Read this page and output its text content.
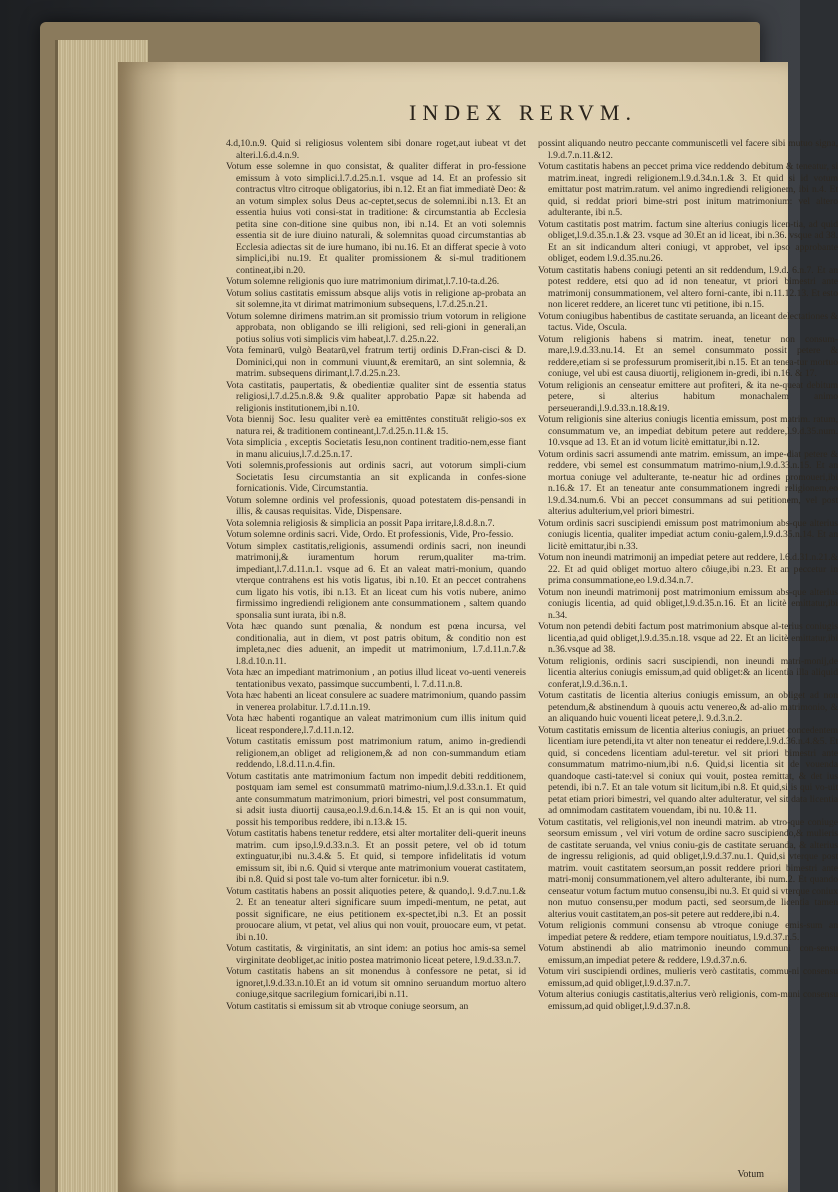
INDEX RERVM.

4.d,10.n.9. Quid si religiosus volentem sibi donare roget,aut iubeat vt det alteri.l.6.d.4.n.9.

Votum esse solemne in quo consistat, & qualiter differat in pro-fessione emissum à voto simplici.l.7.d.25.n.1. vsque ad 14. Et an professio sit contractus vltro citroque obligatorius, ibi n.12. Et an fiat immediatè Deo: & an votum simplex solus Deus ac-ceptet,secus de solemni.ibi n.13. Et an essentia huius voti consi-stat in traditione: & circumstantia ab Ecclesia petita sine con-ditione sine quibus non, ibi n.14. Et an voti solemnis essentia sit de iure diuino naturali, & solemnitas quoad circumstantias ab Ecclesia adiectas sit de iure humano, ibi nu.16. Et an differat specie à voto simplici,ibi nu.19. Et qualiter promissionem & si-mul traditionem contineat,ibi n.20.

Votum solemne religionis quo iure matrimonium dirimat,l.7.10-ta.d.26.

Votum solius castitatis emissum absque alijs votis in religione ap-probata an sit solemne,ita vt dirimat matrimonium subsequens, l.7.d.25.n.21.

Votum solemne dirimens matrim.an sit promissio trium votorum in religione approbata, non obligando se illi religioni, sed reli-gioni in generali,an potius solius voti simplicis vim habeat,l.7. d.25.n.22.

Vota feminarū, vulgò Beatarū,vel fratrum tertij ordinis D.Fran-cisci & D. Dominici,qui non in communi viuunt,& eremitarū, an sint solemnia, & matrim. subsequens dirimant,l.7.d.25.n.23.

Vota castitatis, paupertatis, & obedientiæ qualiter sint de essentia status religiosi,l.7.d.25.n.8.& 9.& qualiter approbatio Papæ sit habenda ad religionis institutionem,ibi n.10.

Vota biennij Soc. Iesu qualiter verè ea emittēntes constituāt religio-sos ex natura rei, & traditionem contineant,l.7.d.25.n.11.& 15.

Vota simplicia , exceptis Societatis Iesu,non continent traditio-nem,esse fiant in manu alicuius,l.7.d.25.n.17.

Voti solemnis,professionis aut ordinis sacri, aut votorum simpli-cium Societatis Iesu circumstantia an sit explicanda in confes-sione fornicationis. Vide, Circumstantia.

Votum solemne ordinis vel professionis, quoad potestatem dis-pensandi in illis, & causas requisitas. Vide, Dispensare.

Vota solemnia religiosis & simplicia an possit Papa irritare,l.8.d.8.n.7.

Votum solemne ordinis sacri. Vide, Ordo. Et professionis, Vide, Pro-fessio.

Votum simplex castitatis,religionis, assumendi ordinis sacri, non ineundi matrimonij,& iuramentum horum rerum,qualiter ma-trim. impediant,l.7.d.11.n.1. vsque ad 6. Et an valeat matri-monium, quando vterque contrahens est his votis ligatus, ibi n.10. Et an peccet contrahens cum ligato his votis, ibi n.13. Et an liceat cum his votis nubere, animo firmissimo ingrediendi religionem ante consummationem , saltem quando sponsalia sunt iurata, ibi n.8.

Vota hæc quando sunt pœnalia, & nondum est pœna incursa, vel conditionalia, aut in diem, vt post patris obitum, & conditio non est impleta,nec dies aduenit, an impedit ut matrimonium, l.7.d.11.n.7.& l.8.d.10.n.11.

Vota hæc an impediant matrimonium , an potius illud liceat vo-uenti venereis tentationibus vexato, passimque succumbenti, l. 7.d.11.n.8.

Vota hæc habenti an liceat consulere ac suadere matrimonium, quando passim in venerea prolabitur. l.7.d.11.n.19.

Vota hæc habenti rogantique an valeat matrimonium cum illis initum quid liceat respondere,l.7.d.11.n.12.

Votum castitatis emissum post matrimonium ratum, animo in-grediendi religionem,an obliget ad religionem,& ad non con-summandum etiam reddendo, l.8.d.11.n.4.fin.

Votum castitatis ante matrimonium factum non impedit debiti redditionem, postquam iam semel est consummatū matrimo-nium,l.9.d.33.n.1. Et quid ante consummatum matrimonium, priori bimestri, vel post consummatum, si adsit iusta diuortij causa,eo.l.9.d.6.n.14.& 15. Et an is qui non vouit, possit his temporibus reddere, ibi n.13.& 15.

Votum castitatis habens tenetur reddere, etsi alter mortaliter deli-querit ineuns matrim. cum ipso,l.9.d.33.n.3. Et an possit petere, vel ob id totum extinguatur,ibi nu.3.4.& 5. Et quid, si tempore infidelitatis id votum emissum sit, ibi n.6. Quid si vterque ante matrimonium vouerat castitatem, ibi n.8. Quid si post tale vo-tum alter fornicetur. ibi n.9.

Votum castitatis habens an possit aliquoties petere, & quando,l. 9.d.7.nu.1.& 2. Et an teneatur alteri significare suum impedi-mentum, ne petat, aut possit significare, ne eius petitionem ex-spectet,ibi n.3. Et an possit prouocare alium, vt petat, vel alius qui non vouit, prouocare eum, vt petat. ibi n.10.

Votum castitatis, & virginitatis, an sint idem: an potius hoc amis-sa semel virginitate deobliget,ac initio postea matrimonio liceat petere, l.9.d.33.n.7.

Votum castitatis habens an sit monendus à confessore ne petat, si id ignoret,l.9.d.33.n.10.Et an id votum sit omnino seruandum mortuo altero coniuge,sitque sacrilegium fornicari,ibi n.11.

Votum castitatis si emissum sit ab vtroque coniuge seorsum, an

possint aliquando neutro peccante communiscetli vel facere sibi mutuo signa, l.9.d.7.n.11.&12.

Votum castitatis habens an peccet prima vice reddendo debitum & teneatur, si matrim.ineat, ingredi religionem.l.9.d.34.n.1.& 3. Et quid si id votum emittatur post matrim.ratum. vel animo ingrediendi religionem, ibi n.4. Et quid, si reddat priori bime-stri post initum matrimonium: vel altero adulterante, ibi n.5.

Votum castitatis post matrim. factum sine alterius coniugis licen-tia, ad quid obliget,l.9.d.35.n.1.& 23. vsque ad 30.Et an id liceat, ibi n.36. vsque ad 38. Et an sit indicandum alteri coniugi, vt approbet, vel ipso approbante obliget, eodem l.9.d.35.nu.26.

Votum castitatis habens coniugi petenti an sit reddendum, l.9.d. 6.n.7. Et an potest reddere, etsi quo ad id non teneatur, vt priori bimestri ante matrimonij consummationem, vel altero forni-cante, ibi n.11.12.13. Et esto non liceret reddere, an liceret tunc vti petitione, ibi n.15.

Votum coniugibus habentibus de castitate seruanda, an liceant delectationes & tactus. Vide, Oscula.

Votum religionis habens si matrim. ineat, tenetur non consum-mare,l.9.d.33.nu.14. Et an semel consummato possit petere & reddere,etiam si se professurum promiserit,ibi n.15. Et an tenea-tur mortuo coniuge, vel ubi est causa diuortij, religionem in-gredi, ibi n.16. & 17.

Votum religionis an censeatur emittere aut profiteri, & ita ne-queat debitum petere, si alterius habitum monachalem animo perseuerandi,l.9.d.33.n.18.&19.

Votum religionis sine alterius coniugis licentia emissum, post matrim. ratum, consummatum ve, an impediat debitum petere aut reddere,l.9.d.35.num. 10.vsque ad 13. Et an id votum licitè emittatur,ibi n.12.

Votum ordinis sacri assumendi ante matrim. emissum, an impe-diat petere & reddere, vbi semel est consummatum matrimo-nium,l.9.d.33.n.15. Et an mortua coniuge vel adulterante, te-neatur hic ad ordines promoueri,ibi n.16.& 17. Et an teneatur ante consummationem ingredi religionem,eo l.9.d.34.num.6. Vbi an peccet consummans ad sui petitionem, vel post alterius adulterium,vel priori bimestri.

Votum ordinis sacri suscipiendi emissum post matrimonium abs-que alterius coniugis licentia, qualiter impediat actum coniu-galem,l.9.d.35.n.14. Et an licitè emittatur,ibi n.33.

Votum non ineundi matrimonij an impediat petere aut reddere, l.6.d.31.n.21.& 22. Et ad quid obliget mortuo altero côiuge,ibi n.23. Et an peccetur in prima consummatione,eo l.9.d.34.n.7.

Votum non ineundi matrimonij post matrimonium emissum abs-que alterius coniugis licentia, ad quid obliget,l.9.d.35.n.16. Et an licitè emittatur,ibi n.34.

Votum non petendi debiti factum post matrimonium absque al-terius coniugis licentia,ad quid obliget,l.9.d.35.n.18. vsque ad 22. Et an licitè emittatur,ibi n.36.vsque ad 38.

Votum religionis, ordinis sacri suscipiendi, non ineundi matri-monij,de licentia alterius coniugis emissum,ad quid obliget:& an licentia illa aliquid conferat,l.9.d.36.n.1.

Votum castitatis de licentia alterius coniugis emissum, an obliget ad non petendum,& abstinendum à quouis actu venereo,& ad-alio matrimonio, & an aliquando huic vouenti liceat petere,l. 9.d.3.n.2.

Votum castitatis emissum de licentia alterius coniugis, an priuet concedentem licentiam iure petendi,ita vt alter non teneatur ei reddere,l.9.d.36.n.4.&5. Et quid, si concedens licentiam adul-teretur. vel sit priori bimestri ante consummatum matrimo-nium,ibi n.6. Quid,si licentia sit de vouenda quandoque casti-tate:vel si coniux qui vouit, postea remittat, & det ius petendi, ibi n.7. Et an tale votum sit licitum,ibi n.8. Et quid,si is qui vo-uit petat etiam priori bimestri, vel quando alter adulteratur, vel sit data licentia ad omnimodam castitatem vouendam, ibi nu. 10.& 11.

Votum castitatis, vel religionis,vel non ineundi matrim. ab vtro-que coniuge seorsum emissum , vel viri votum de ordine sacro suscipiendo,& mulieris de castitate seruanda, vel vnius coniu-gis de castitate seruanda, & alterius de ingressu religionis, ad quid obliget,l.9.d.37.nu.1. Quid,si vterque post matrim. vouit castitatem seorsum,an possit reddere priori bimestri ante matri-monij consummationem,vel altero adulterante, ibi num.2. Et quando censeatur votum factum mutuo consensu,ibi nu.3. Et quid si vterque coniux non mutuo consensu,per modum pacti, sed seorsum,de licentia tamen alterius vouit castitatem,an pos-sit petere aut reddere,ibi n.4.

Votum religionis communi consensu ab vtroque coniuge emis-sum an impediat petere & reddere, etiam tempore nouitiatus, l.9.d.37.n.5.

Votum abstinendi ab alio matrimonio ineundo communi con-sensu emissum,an impediat petere & reddere, l.9.d.37.n.6.

Votum viri suscipiendi ordines, mulieris verò castitatis, commu-ni consensu emissum,ad quid obliget,l.9.d.37.n.7.

Votum alterius coniugis castitatis,alterius verò religionis, com-muni consensu emissum,ad quid obliget,l.9.d.37.n.8.

Votum
